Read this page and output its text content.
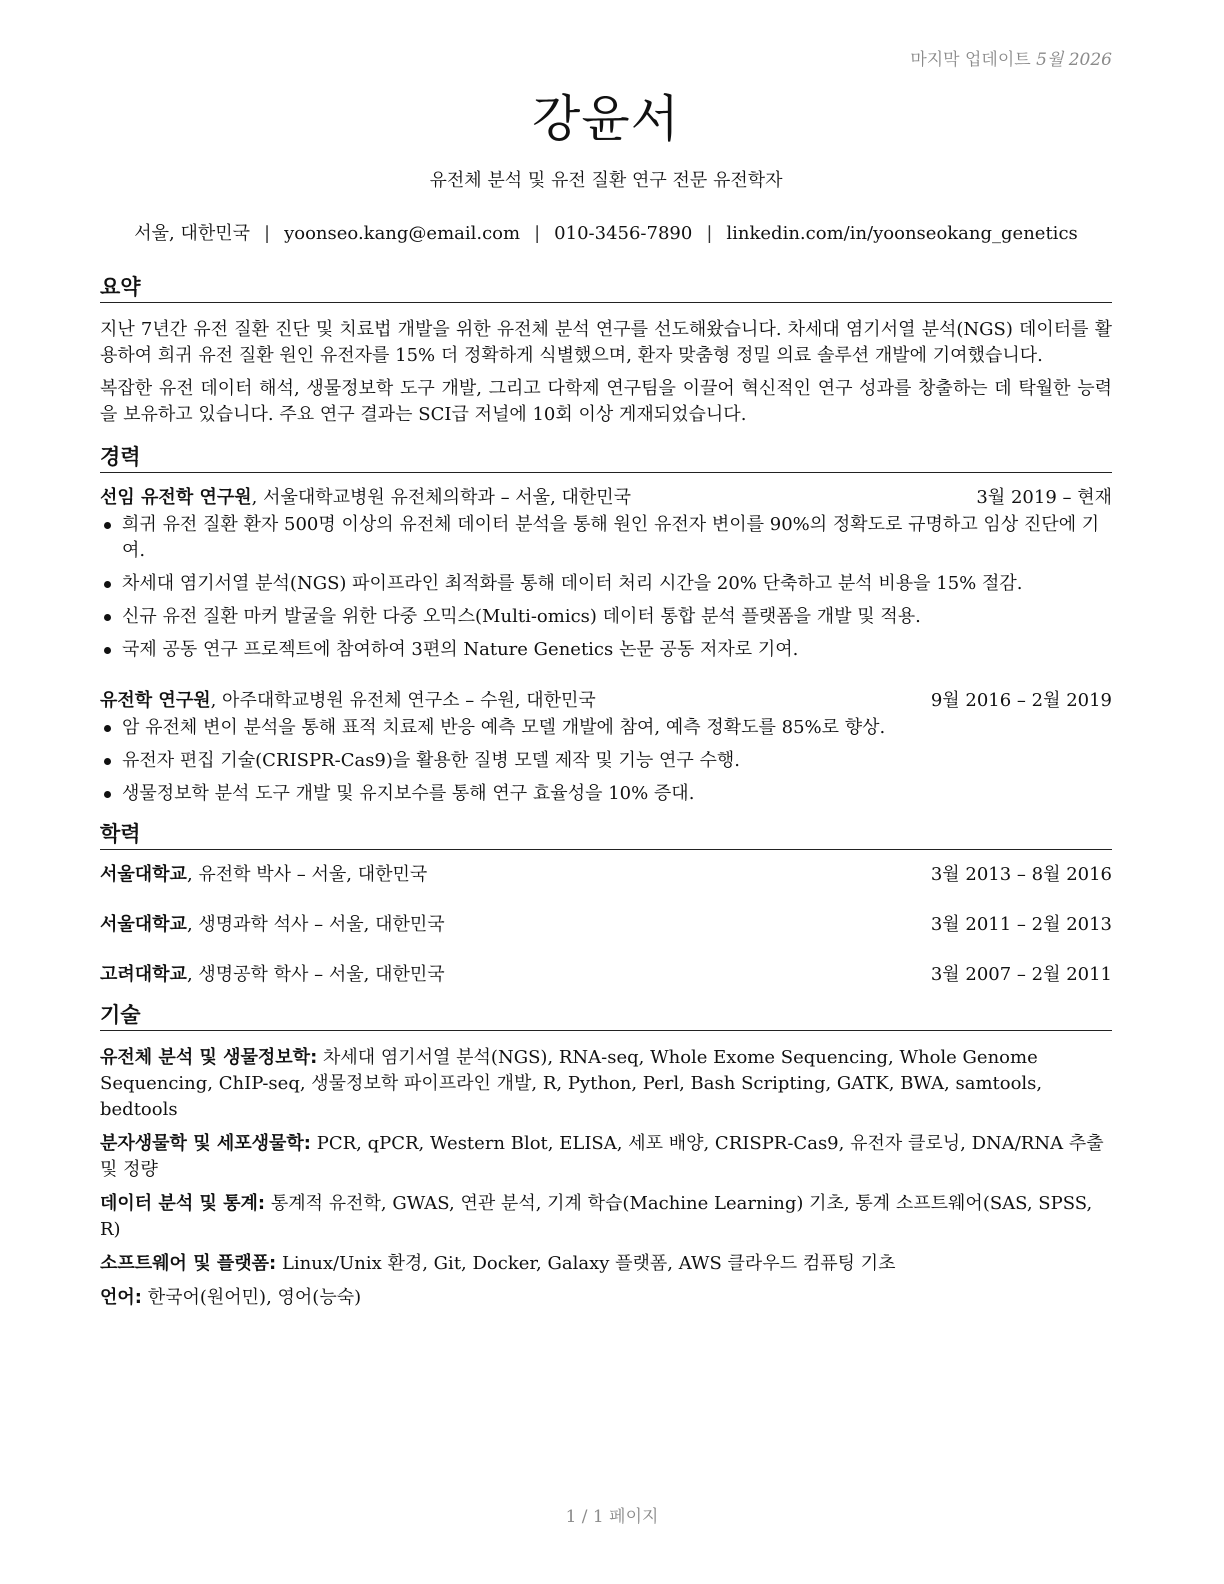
마지막 업데이트 5월 2026
강윤서
유전체 분석 및 유전 질환 연구 전문 유전학자
서울, 대한민국 | yoonseo.kang@email.com | 010-3456-7890 | linkedin.com/in/yoonseokang_genetics
요약

지난 7년간 유전 질환 진단 및 치료법 개발을 위한 유전체 분석 연구를 선도해왔습니다. 차세대 염기서열 분석(NGS) 데이터를 활용하여 희귀 유전 질환 원인 유전자를 15% 더 정확하게 식별했으며, 환자 맞춤형 정밀 의료 솔루션 개발에 기여했습니다.

복잡한 유전 데이터 해석, 생물정보학 도구 개발, 그리고 다학제 연구팀을 이끌어 혁신적인 연구 성과를 창출하는 데 탁월한 능력을 보유하고 있습니다. 주요 연구 결과는 SCI급 저널에 10회 이상 게재되었습니다.

경력
선임 유전학 연구원, 서울대학교병원 유전체의학과 – 서울, 대한민국	3월 2019 – 현재
희귀 유전 질환 환자 500명 이상의 유전체 데이터 분석을 통해 원인 유전자 변이를 90%의 정확도로 규명하고 임상 진단에 기여.
차세대 염기서열 분석(NGS) 파이프라인 최적화를 통해 데이터 처리 시간을 20% 단축하고 분석 비용을 15% 절감.
신규 유전 질환 마커 발굴을 위한 다중 오믹스(Multi-omics) 데이터 통합 분석 플랫폼을 개발 및 적용.
국제 공동 연구 프로젝트에 참여하여 3편의 Nature Genetics 논문 공동 저자로 기여.
유전학 연구원, 아주대학교병원 유전체 연구소 – 수원, 대한민국	9월 2016 – 2월 2019
암 유전체 변이 분석을 통해 표적 치료제 반응 예측 모델 개발에 참여, 예측 정확도를 85%로 향상.
유전자 편집 기술(CRISPR-Cas9)을 활용한 질병 모델 제작 및 기능 연구 수행.
생물정보학 분석 도구 개발 및 유지보수를 통해 연구 효율성을 10% 증대.
학력
서울대학교, 유전학 박사 – 서울, 대한민국	3월 2013 – 8월 2016
서울대학교, 생명과학 석사 – 서울, 대한민국	3월 2011 – 2월 2013
고려대학교, 생명공학 학사 – 서울, 대한민국	3월 2007 – 2월 2011
기술

유전체 분석 및 생물정보학: 차세대 염기서열 분석(NGS), RNA-seq, Whole Exome Sequencing, Whole Genome Sequencing, ChIP-seq, 생물정보학 파이프라인 개발, R, Python, Perl, Bash Scripting, GATK, BWA, samtools, bedtools

분자생물학 및 세포생물학: PCR, qPCR, Western Blot, ELISA, 세포 배양, CRISPR-Cas9, 유전자 클로닝, DNA/RNA 추출 및 정량

데이터 분석 및 통계: 통계적 유전학, GWAS, 연관 분석, 기계 학습(Machine Learning) 기초, 통계 소프트웨어(SAS, SPSS, R)

소프트웨어 및 플랫폼: Linux/Unix 환경, Git, Docker, Galaxy 플랫폼, AWS 클라우드 컴퓨팅 기초

언어: 한국어(원어민), 영어(능숙)

1 / 1 페이지
